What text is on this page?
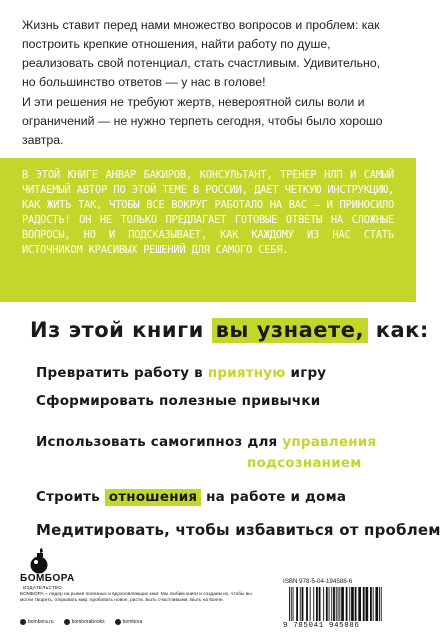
Жизнь ставит перед нами множество вопросов и проблем: как построить крепкие отношения, найти работу по душе, реализовать свой потенциал, стать счастливым. Удивительно, но большинство ответов — у нас в голове!

И эти решения не требуют жертв, невероятной силы воли и ограничений — не нужно терпеть сегодня, чтобы было хорошо завтра.

В ЭТОЙ КНИГЕ АНВАР БАКИРОВ, КОНСУЛЬТАНТ, ТРЕНЕР НЛП И САМЫЙ ЧИТАЕМЫЙ АВТОР ПО ЭТОЙ ТЕМЕ В РОССИИ, ДАЕТ ЧЕТКУЮ ИНСТРУКЦИЮ, КАК ЖИТЬ ТАК, ЧТОБЫ ВСЕ ВОКРУГ РАБОТАЛО НА ВАС – И ПРИНОСИЛО РАДОСТЬ! ОН НЕ ТОЛЬКО ПРЕДЛАГАЕТ ГОТОВЫЕ ОТВЕТЫ НА СЛОЖНЫЕ ВОПРОСЫ, НО И ПОДСКАЗЫВАЕТ, КАК КАЖДОМУ ИЗ НАС СТАТЬ ИСТОЧНИКОМ КРАСИВЫХ РЕШЕНИЙ ДЛЯ САМОГО СЕБЯ.
Из этой книги вы узнаете, как:
Превратить работу в приятную игру
Сформировать полезные привычки
Использовать самогипноз для управления
подсознанием
Строить отношения на работе и дома
Медитировать, чтобы избавиться от проблем
БОМБОРА
ИЗДАТЕЛЬСТВО
БОМБОРА – лидер на рынке полезных и вдохновляющих книг. Мы любим книги и создаем их, чтобы вы могли творить, открывать мир, пробовать новое, расти. Быть счастливыми. Быть на волне.
bombora.ru	bomborabooks	bombora
ISBN 978-5-04-194588-6
9 785041 945886
